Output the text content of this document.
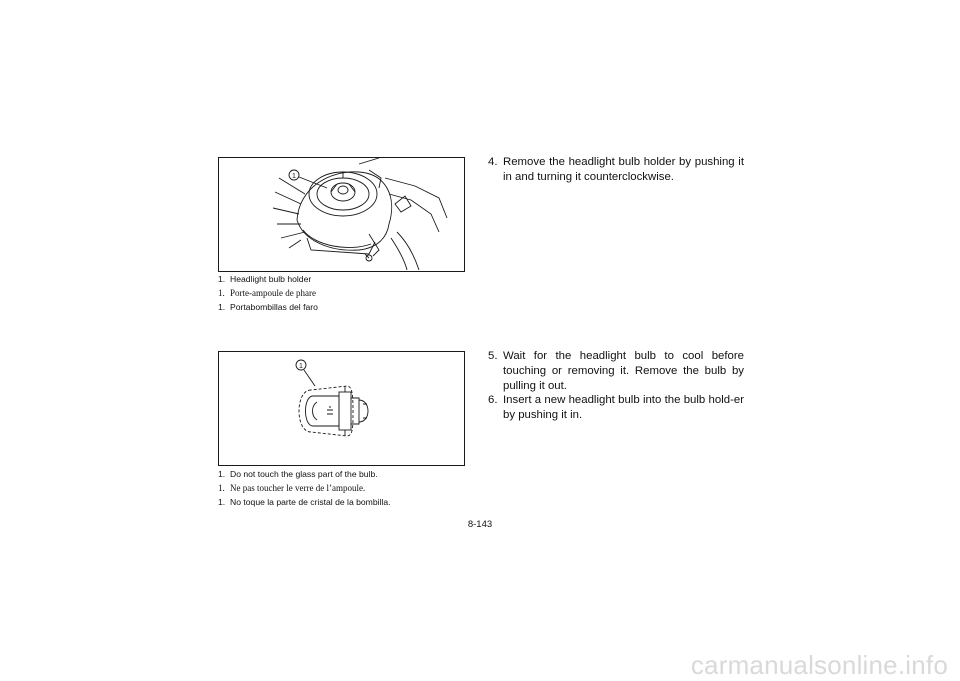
1
1. Headlight bulb holder
1. Porte-ampoule de phare
1. Portabombillas del faro
1
1. Do not touch the glass part of the bulb.
1. Ne pas toucher le verre de l’ampoule.
1. No toque la parte de cristal de la bombilla.
4. Remove the headlight bulb holder by pushing it in and turning it counterclockwise.
5. Wait for the headlight bulb to cool before touching or removing it. Remove the bulb by pulling it out.
6. Insert a new headlight bulb into the bulb hold-er by pushing it in.
8-143
carmanualsonline.info
